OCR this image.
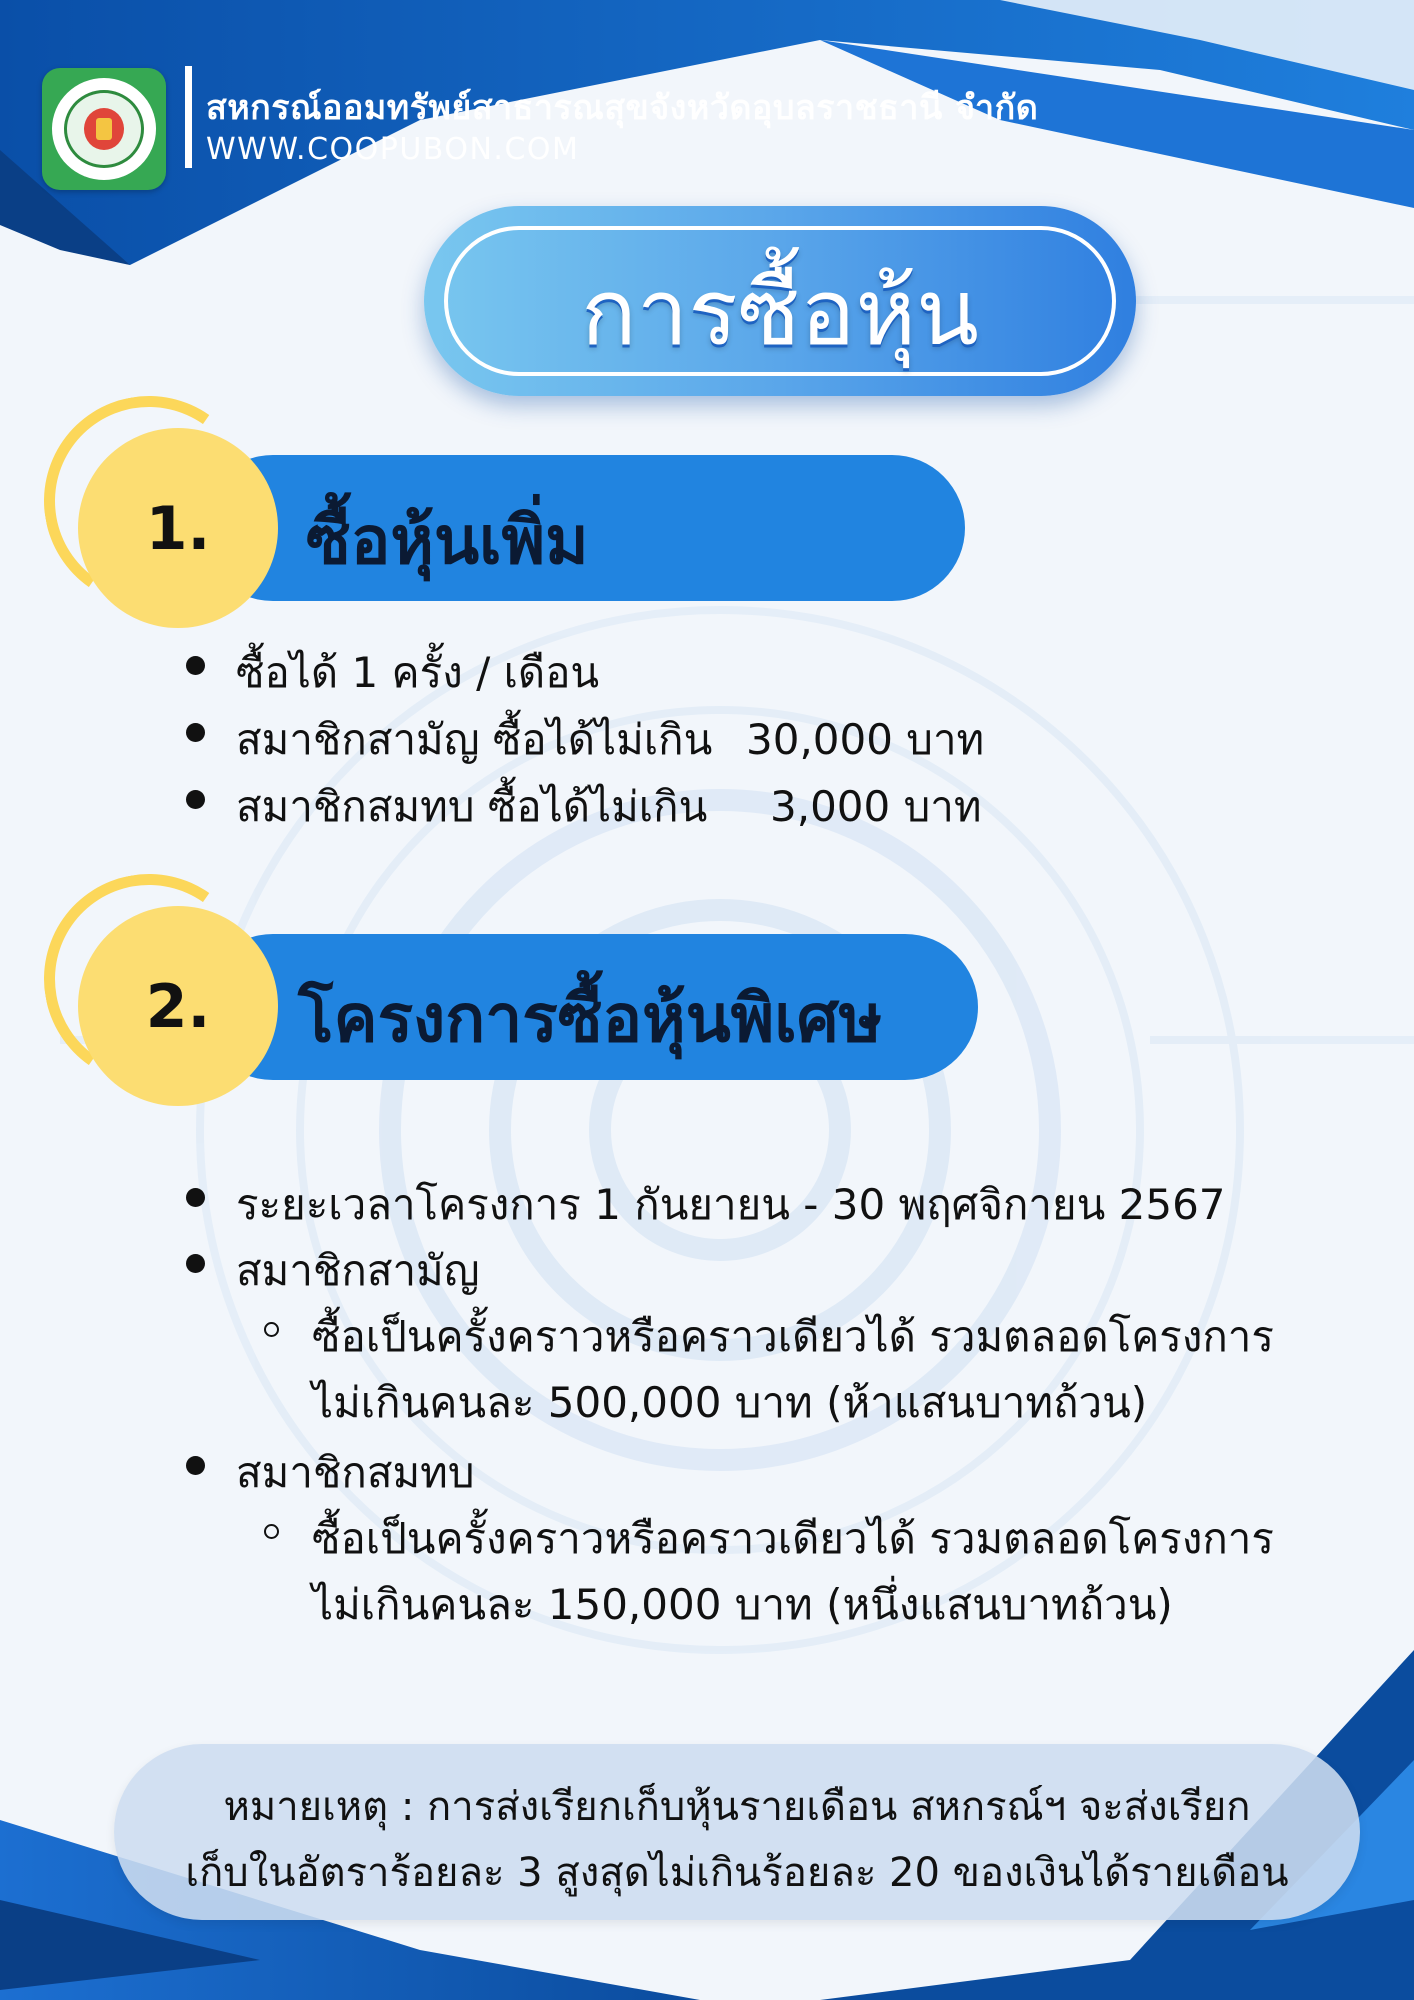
สหกรณ์ออมทรัพย์สาธารณสุขจังหวัดอุบลราชธานี จำกัด
WWW.COOPUBON.COM
การซื้อหุ้น
1.	ซื้อหุ้นเพิ่ม
ซื้อได้ 1 ครั้ง / เดือน
สมาชิกสามัญ ซื้อได้ไม่เกิน 30,000 บาท
สมาชิกสมทบ ซื้อได้ไม่เกิน 3,000 บาท
2.	โครงการซื้อหุ้นพิเศษ
ระยะเวลาโครงการ 1 กันยายน - 30 พฤศจิกายน 2567
สมาชิกสามัญ
ซื้อเป็นครั้งคราวหรือคราวเดียวได้ รวมตลอดโครงการ
ไม่เกินคนละ 500,000 บาท (ห้าแสนบาทถ้วน)
สมาชิกสมทบ
ซื้อเป็นครั้งคราวหรือคราวเดียวได้ รวมตลอดโครงการ
ไม่เกินคนละ 150,000 บาท (หนึ่งแสนบาทถ้วน)
หมายเหตุ : การส่งเรียกเก็บหุ้นรายเดือน สหกรณ์ฯ จะส่งเรียก
เก็บในอัตราร้อยละ 3 สูงสุดไม่เกินร้อยละ 20 ของเงินได้รายเดือน
